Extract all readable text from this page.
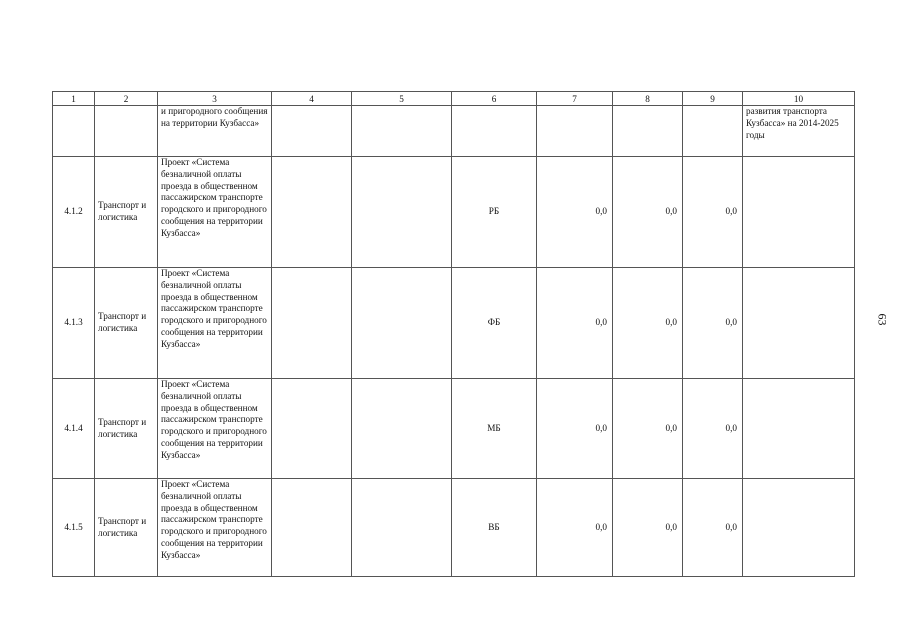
1	2	3	4	5	6	7	8	9	10
		и пригородного сообщения на территории Кузбасса»							развития транспорта Кузбасса» на 2014-2025 годы
4.1.2	Транспорт и логистика	Проект «Система безналичной оплаты проезда в общественном пассажирском транспорте городского и пригородного сообщения на территории Кузбасса»			РБ	0,0	0,0	0,0	
4.1.3	Транспорт и логистика	Проект «Система безналичной оплаты проезда в общественном пассажирском транспорте городского и пригородного сообщения на территории Кузбасса»			ФБ	0,0	0,0	0,0	
4.1.4	Транспорт и логистика	Проект «Система безналичной оплаты проезда в общественном пассажирском транспорте городского и пригородного сообщения на территории Кузбасса»			МБ	0,0	0,0	0,0	
4.1.5	Транспорт и логистика	Проект «Система безналичной оплаты проезда в общественном пассажирском транспорте городского и пригородного сообщения на территории Кузбасса»			ВБ	0,0	0,0	0,0	
63
